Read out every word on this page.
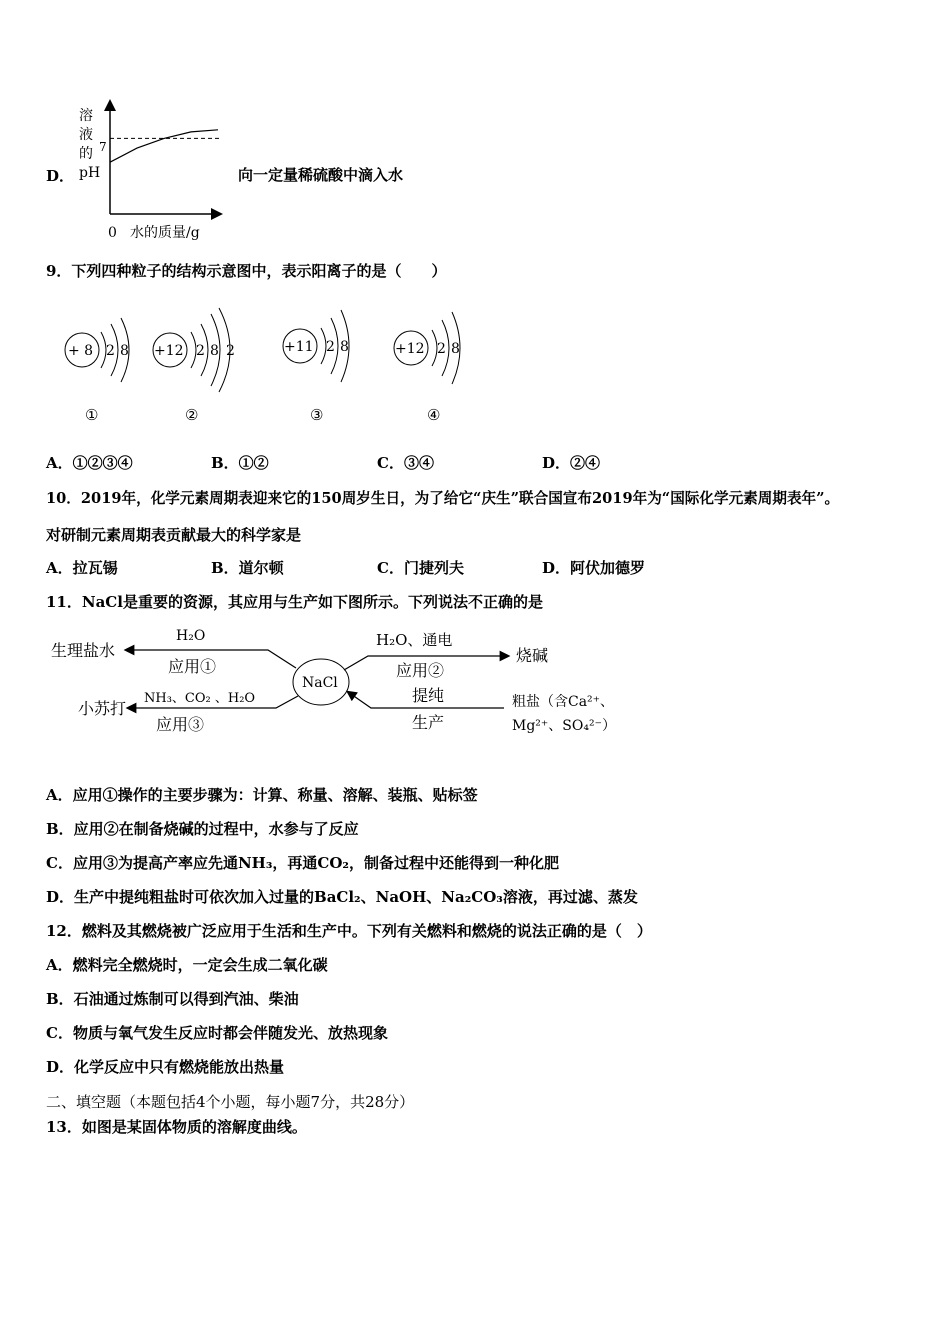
D．
溶
液
的
pH
7
0 水的质量/g
向一定量稀硫酸中滴入水
9．下列四种粒子的结构示意图中，表示阳离子的是（　　）
+ 8 2 8
①
+12 2 8 2
②
+11 2 8
③
+12 2 8
④
A．①②③④	B．①②	C．③④	D．②④
10．2019年，化学元素周期表迎来它的150周岁生日，为了给它“庆生”联合国宣布2019年为“国际化学元素周期表年”。
对研制元素周期表贡献最大的科学家是
A．拉瓦锡	B．道尔顿	C．门捷列夫	D．阿伏加德罗
11．NaCl是重要的资源，其应用与生产如下图所示。下列说法不正确的是
NaCl
生理盐水
H₂O
应用①
小苏打
NH₃、CO₂ 、H₂O
应用③
烧碱
H₂O、通电
应用②
粗盐（含Ca²⁺、
Mg²⁺、SO₄²⁻）
提纯
生产
A．应用①操作的主要步骤为：计算、称量、溶解、装瓶、贴标签
B．应用②在制备烧碱的过程中，水参与了反应
C．应用③为提高产率应先通NH₃，再通CO₂，制备过程中还能得到一种化肥
D．生产中提纯粗盐时可依次加入过量的BaCl₂、NaOH、Na₂CO₃溶液，再过滤、蒸发
12．燃料及其燃烧被广泛应用于生活和生产中。下列有关燃料和燃烧的说法正确的是（　）
A．燃料完全燃烧时，一定会生成二氧化碳
B．石油通过炼制可以得到汽油、柴油
C．物质与氧气发生反应时都会伴随发光、放热现象
D．化学反应中只有燃烧能放出热量
二、填空题（本题包括4个小题，每小题7分，共28分）
13．如图是某固体物质的溶解度曲线。
